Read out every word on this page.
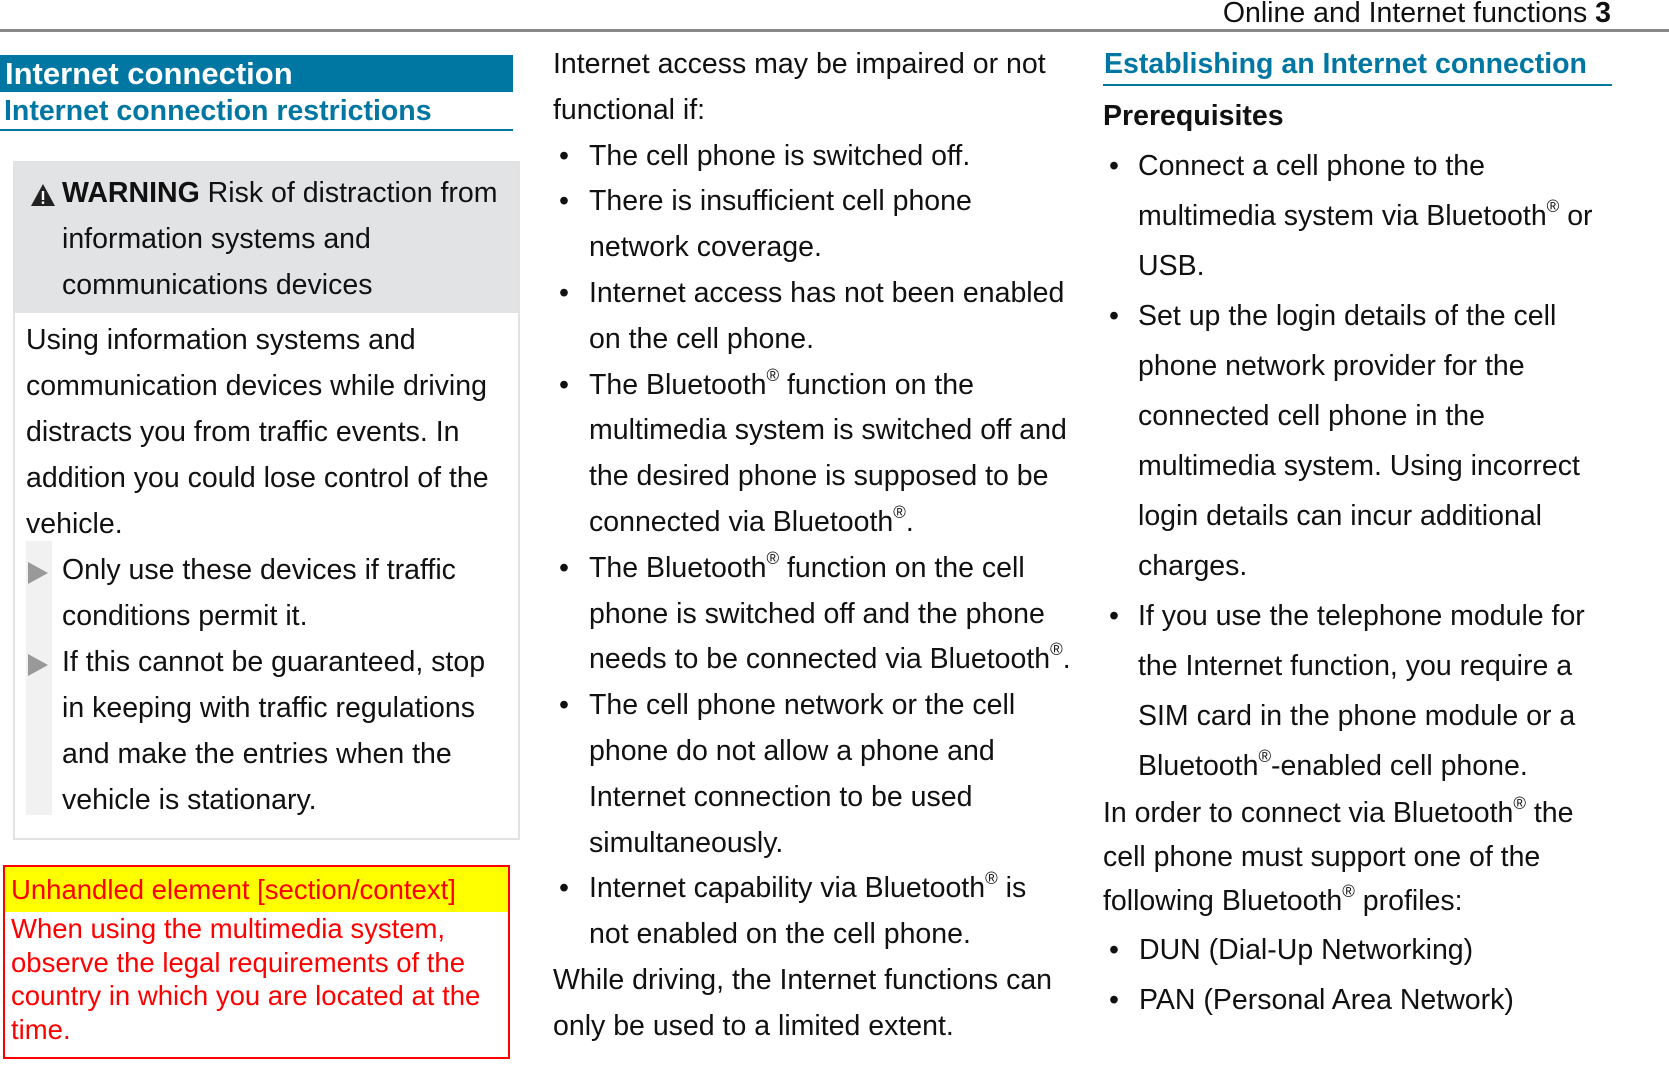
Online and Internet functions 3
Internet connection
Internet connection restrictions
WARNING Risk of distraction from information systems and communications devices
Using information systems and communication devices while driving distracts you from traffic events. In addition you could lose control of the vehicle.
Only use these devices if traffic conditions permit it.
If this cannot be guaranteed, stop in keeping with traffic regulations and make the entries when the vehicle is stationary.
Unhandled element [section/context]
When using the multimedia system, observe the legal requirements of the country in which you are located at the time.
Internet access may be impaired or not functional if:
• The cell phone is switched off.
• There is insufficient cell phone network coverage.
• Internet access has not been enabled on the cell phone.
• The Bluetooth® function on the multimedia system is switched off and the desired phone is supposed to be connected via Bluetooth®.
• The Bluetooth® function on the cell phone is switched off and the phone needs to be connected via Bluetooth®.
• The cell phone network or the cell phone do not allow a phone and Internet connection to be used simultaneously.
• Internet capability via Bluetooth® is not enabled on the cell phone.
While driving, the Internet functions can only be used to a limited extent.
Establishing an Internet connection
Prerequisites
• Connect a cell phone to the multimedia system via Bluetooth® or USB.
• Set up the login details of the cell phone network provider for the connected cell phone in the multimedia system. Using incorrect login details can incur additional charges.
• If you use the telephone module for the Internet function, you require a SIM card in the phone module or a Bluetooth®-enabled cell phone.
In order to connect via Bluetooth® the cell phone must support one of the following Bluetooth® profiles:
• DUN (Dial-Up Networking)
• PAN (Personal Area Network)
